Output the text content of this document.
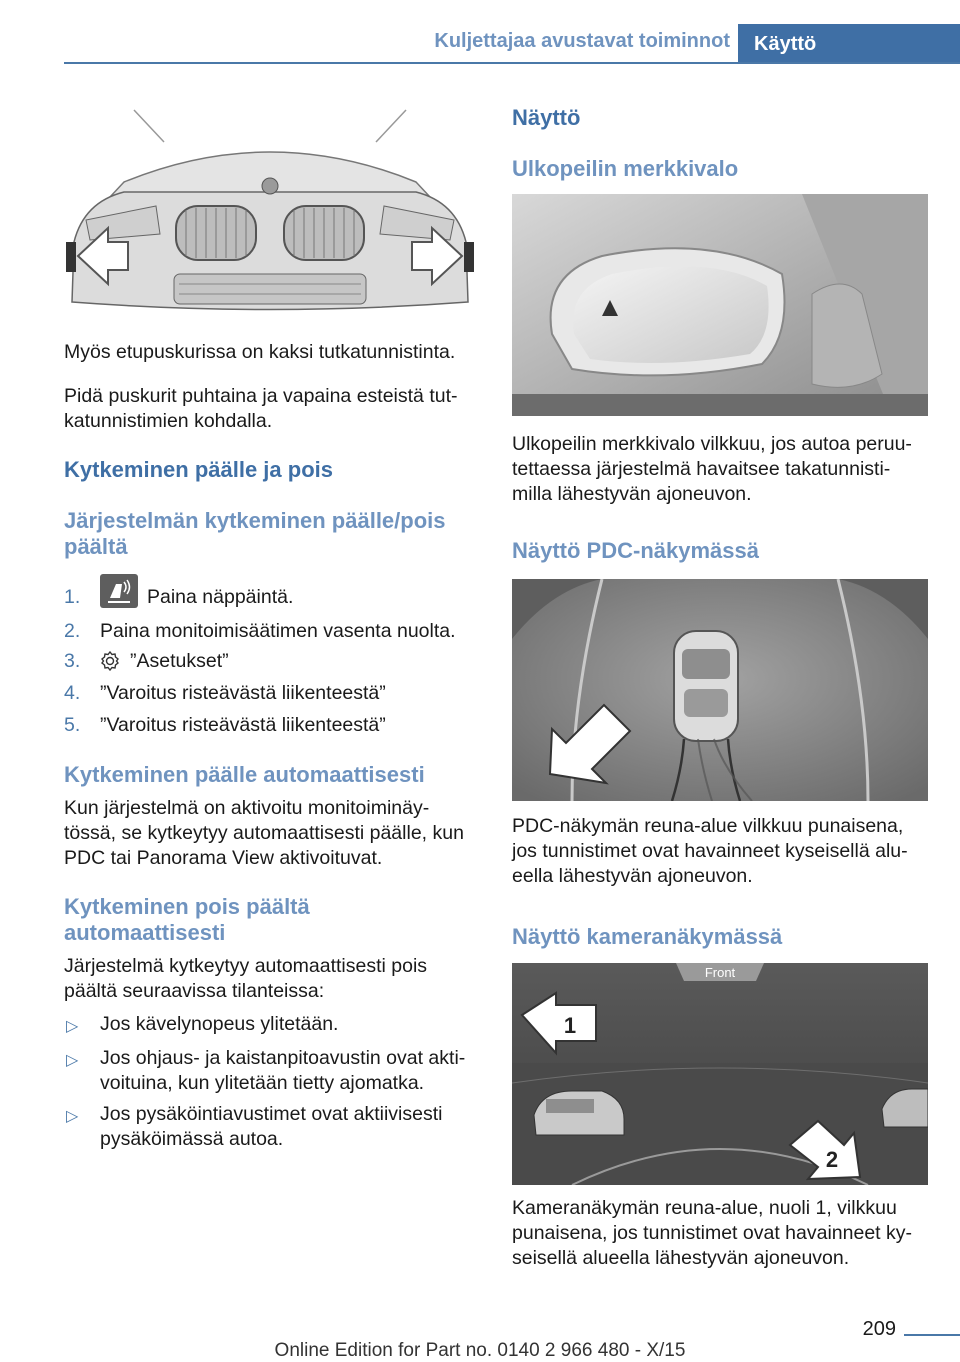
Kuljettajaa avustavat toiminnot	Käyttö

Myös etupuskurissa on kaksi tutkatunnistinta.

Pidä puskurit puhtaina ja vapaina esteistä tut‐

katunnistimien kohdalla.

Kytkeminen päälle ja pois

Järjestelmän kytkeminen päälle/pois

päältä

1.	Paina näppäintä.
2. Paina monitoimisäätimen vasenta nuolta.
3.	”Asetukset”
4. ”Varoitus risteävästä liikenteestä”
5. ”Varoitus risteävästä liikenteestä”

Kytkeminen päälle automaattisesti

Kun järjestelmä on aktivoitu monitoiminäy‐

tössä, se kytkeytyy automaattisesti päälle, kun

PDC tai Panorama View aktivoituvat.

Kytkeminen pois päältä

automaattisesti

Järjestelmä kytkeytyy automaattisesti pois

päältä seuraavissa tilanteissa:

▷ Jos kävelynopeus ylitetään.
▷ Jos ohjaus- ja kaistanpitoavustin ovat akti‐
voituina, kun ylitetään tietty ajomatka.
▷ Jos pysäköintiavustimet ovat aktiivisesti
pysäköimässä autoa.

Näyttö

Ulkopeilin merkkivalo

Ulkopeilin merkkivalo vilkkuu, jos autoa peruu‐

tettaessa järjestelmä havaitsee takatunnisti‐

milla lähestyvän ajoneuvon.

Näyttö PDC-näkymässä

PDC-näkymän reuna-alue vilkkuu punaisena,

jos tunnistimet ovat havainneet kyseisellä alu‐

eella lähestyvän ajoneuvon.

Näyttö kameranäkymässä

Front
1
2

Kameranäkymän reuna-alue, nuoli 1, vilkkuu

punaisena, jos tunnistimet ovat havainneet ky‐

seisellä alueella lähestyvän ajoneuvon.

209
Online Edition for Part no. 0140 2 966 480 - X/15
